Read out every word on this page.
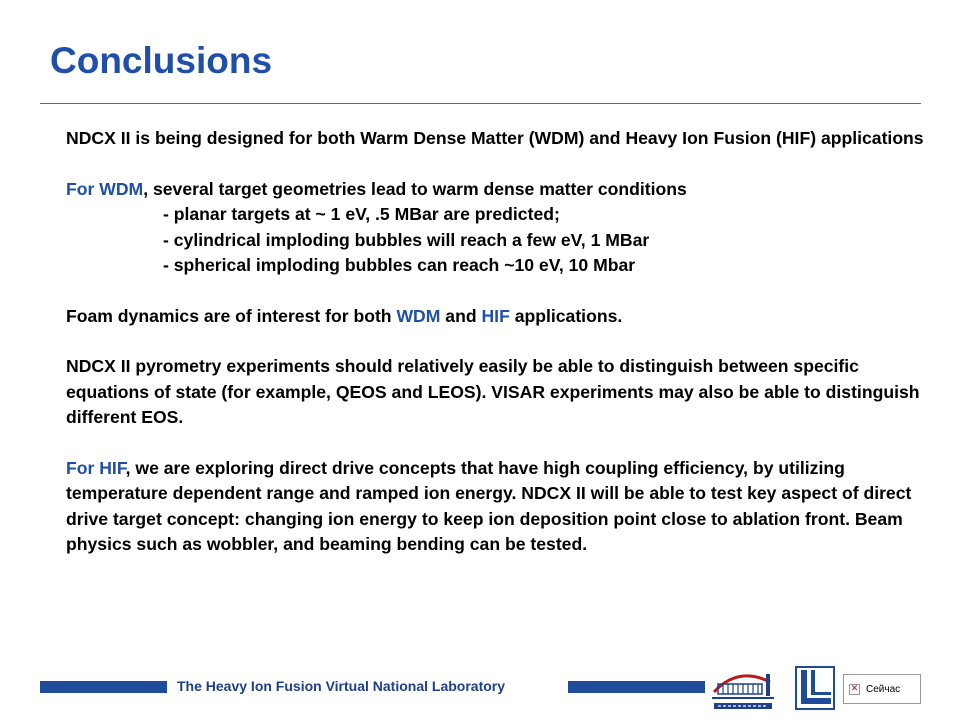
Conclusions

NDCX II is being designed for both Warm Dense Matter (WDM) and Heavy Ion Fusion (HIF) applications

For WDM, several target geometries lead to warm dense matter conditions
- planar targets at ~ 1 eV, .5 MBar are predicted;
- cylindrical imploding bubbles will reach a few eV, 1 MBar
- spherical imploding bubbles can reach ~10 eV, 10 Mbar

Foam dynamics are of interest for both WDM and HIF applications.

NDCX II pyrometry experiments should relatively easily be able to distinguish between specific equations of state (for example, QEOS and LEOS). VISAR experiments may also be able to distinguish different EOS.

For HIF, we are exploring direct drive concepts that have high coupling efficiency, by utilizing temperature dependent range and ramped ion energy. NDCX II will be able to test key aspect of direct drive target concept: changing ion energy to keep ion deposition point close to ablation front. Beam physics such as wobbler, and beaming bending can be tested.

The Heavy Ion Fusion Virtual National Laboratory	✕ Сейчас
